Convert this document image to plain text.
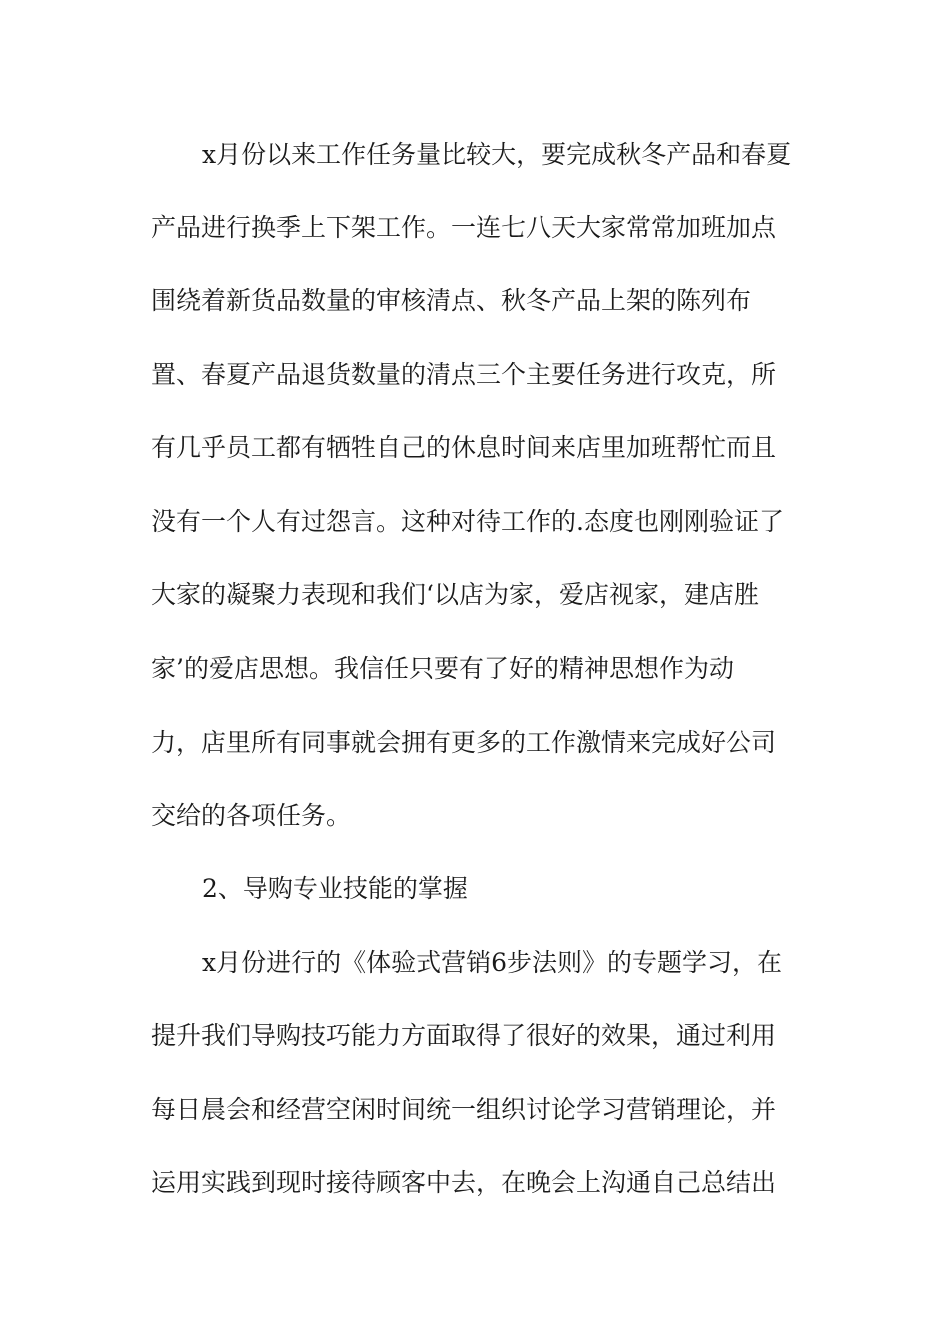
x月份以来工作任务量比较大，要完成秋冬产品和春夏
产品进行换季上下架工作。一连七八天大家常常加班加点
围绕着新货品数量的审核清点、秋冬产品上架的陈列布
置、春夏产品退货数量的清点三个主要任务进行攻克，所
有几乎员工都有牺牲自己的休息时间来店里加班帮忙而且
没有一个人有过怨言。这种对待工作的.态度也刚刚验证了
大家的凝聚力表现和我们‘以店为家，爱店视家，建店胜
家’的爱店思想。我信任只要有了好的精神思想作为动
力，店里所有同事就会拥有更多的工作激情来完成好公司
交给的各项任务。
2、导购专业技能的掌握
x月份进行的《体验式营销6步法则》的专题学习，在
提升我们导购技巧能力方面取得了很好的效果，通过利用
每日晨会和经营空闲时间统一组织讨论学习营销理论，并
运用实践到现时接待顾客中去，在晚会上沟通自己总结出
